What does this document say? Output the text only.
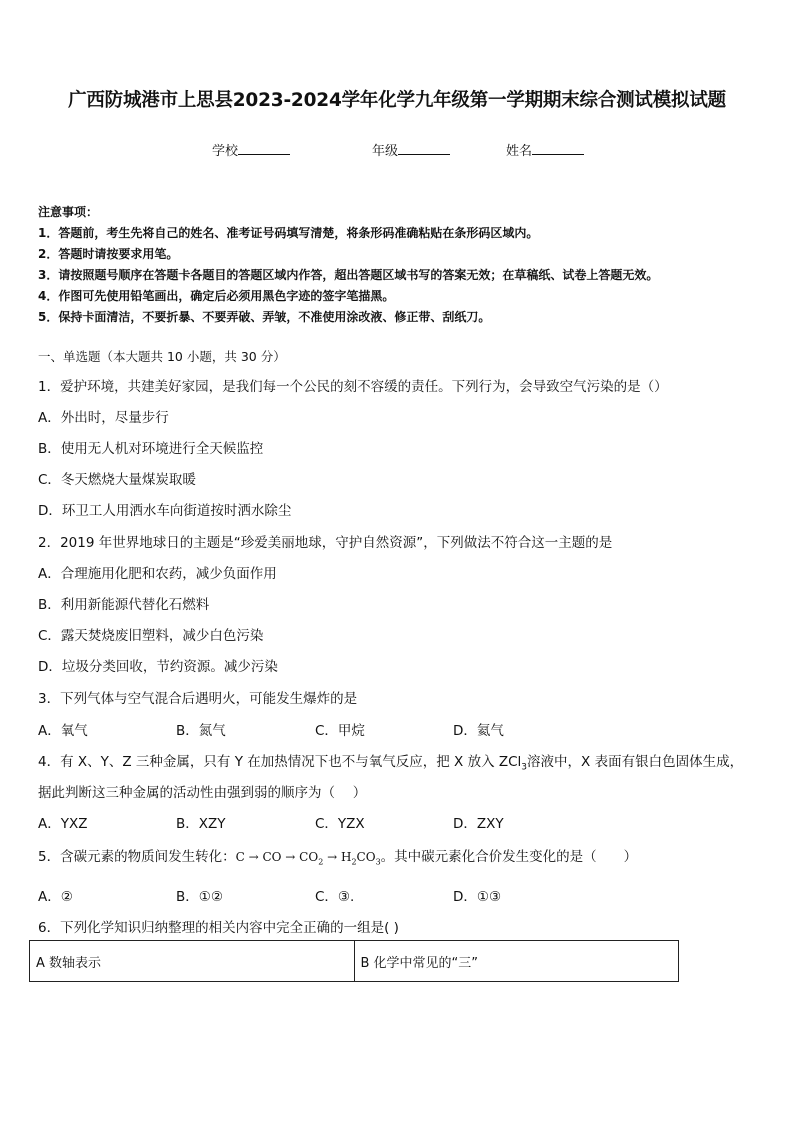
广西防城港市上思县2023-2024学年化学九年级第一学期期末综合测试模拟试题
学校	年级	姓名
注意事项：
1．答题前，考生先将自己的姓名、准考证号码填写清楚，将条形码准确粘贴在条形码区域内。
2．答题时请按要求用笔。
3．请按照题号顺序在答题卡各题目的答题区域内作答，超出答题区域书写的答案无效；在草稿纸、试卷上答题无效。
4．作图可先使用铅笔画出，确定后必须用黑色字迹的签字笔描黑。
5．保持卡面清洁，不要折暴、不要弄破、弄皱，不准使用涂改液、修正带、刮纸刀。
一、单选题（本大题共 10 小题，共 30 分）
1．爱护环境，共建美好家园，是我们每一个公民的刻不容缓的责任。下列行为，会导致空气污染的是（）
A．外出时，尽量步行
B．使用无人机对环境进行全天候监控
C．冬天燃烧大量煤炭取暖
D．环卫工人用洒水车向街道按时洒水除尘
2．2019 年世界地球日的主题是“珍爱美丽地球，守护自然资源”，下列做法不符合这一主题的是
A．合理施用化肥和农药，减少负面作用
B．利用新能源代替化石燃料
C．露天焚烧废旧塑料，减少白色污染
D．垃圾分类回收，节约资源。减少污染
3．下列气体与空气混合后遇明火，可能发生爆炸的是
A．氧气	B．氮气	C．甲烷	D．氦气
4．有 X、Y、Z 三种金属，只有 Y 在加热情况下也不与氧气反应，把 X 放入 ZCl$_3$溶液中，X 表面有银白色固体生成，
据此判断这三种金属的活动性由强到弱的顺序为（　 ）
A．YXZ	B．XZY	C．YZX	D．ZXY
5．含碳元素的物质间发生转化：C → CO → $CO_2 \to H_2CO_3$。其中碳元素化合价发生变化的是（　　）
A．②	B．①②	C．③.	D．①③
6．下列化学知识归纳整理的相关内容中完全正确的一组是( )
A 数轴表示	B 化学中常见的“三”
